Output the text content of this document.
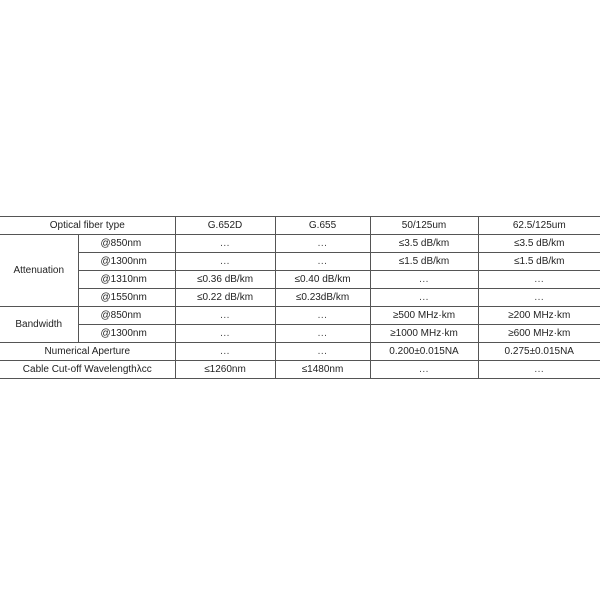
Optical fiber type		G.652D	G.655	50/125um	62.5/125um
Attenuation	@850nm	...	...	≤3.5 dB/km	≤3.5 dB/km
	@1300nm	...	...	≤1.5 dB/km	≤1.5 dB/km
	@1310nm	≤0.36 dB/km	≤0.40 dB/km	...	...
	@1550nm	≤0.22 dB/km	≤0.23dB/km	...	...
Bandwidth	@850nm	...	...	≥500 MHz·km	≥200 MHz·km
	@1300nm	...	...	≥1000 MHz·km	≥600 MHz·km
Numerical Aperture		...	...	0.200±0.015NA	0.275±0.015NA
Cable Cut-off Wavelengthλcc		≤1260nm	≤1480nm	...	...
